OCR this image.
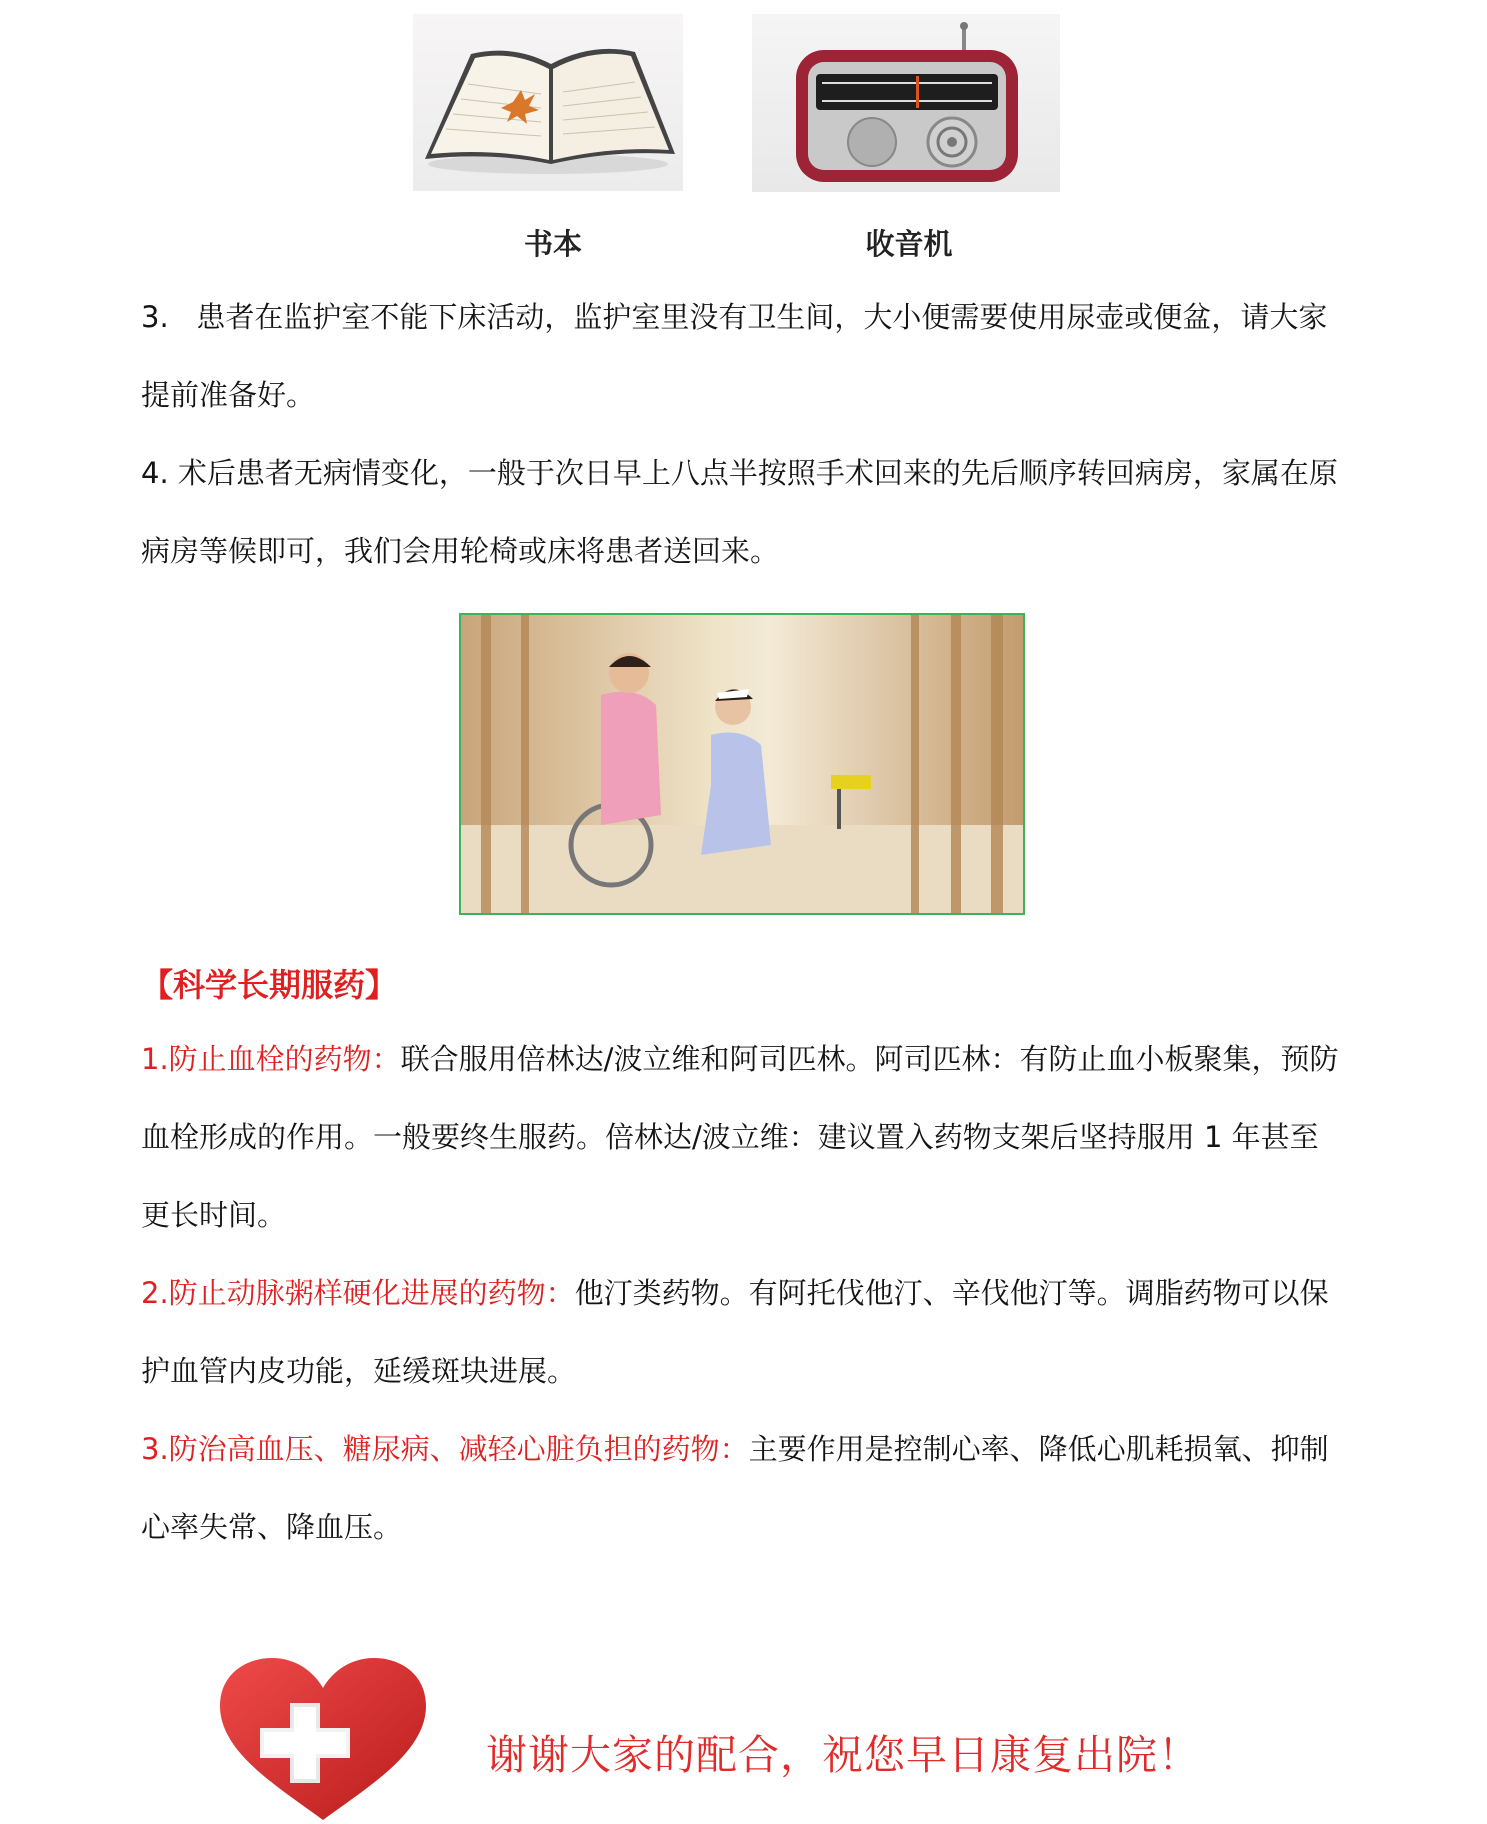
书本	收音机
3. 患者在监护室不能下床活动，监护室里没有卫生间，大小便需要使用尿壶或便盆，请大家提前准备好。
4. 术后患者无病情变化，一般于次日早上八点半按照手术回来的先后顺序转回病房，家属在原病房等候即可，我们会用轮椅或床将患者送回来。
【科学长期服药】
1.防止血栓的药物：联合服用倍林达/波立维和阿司匹林。阿司匹林：有防止血小板聚集，预防血栓形成的作用。一般要终生服药。倍林达/波立维：建议置入药物支架后坚持服用 1 年甚至更长时间。
2.防止动脉粥样硬化进展的药物：他汀类药物。有阿托伐他汀、辛伐他汀等。调脂药物可以保护血管内皮功能，延缓斑块进展。
3.防治高血压、糖尿病、减轻心脏负担的药物：主要作用是控制心率、降低心肌耗损氧、抑制心率失常、降血压。
谢谢大家的配合，祝您早日康复出院！
